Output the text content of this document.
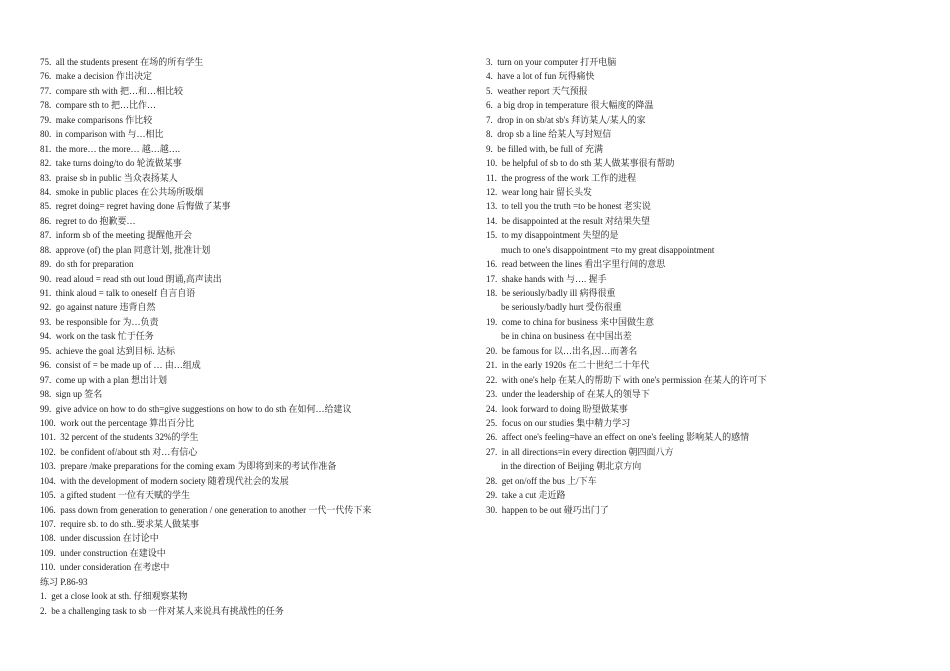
75. all the students present 在场的所有学生
76. make a decision 作出决定
77. compare sth with 把…和…相比较
78. compare sth to 把…比作…
79. make comparisons 作比较
80. in comparison with 与…相比
81. the more… the more… 越…越….
82. take turns doing/to do 轮流做某事
83. praise sb in public 当众表扬某人
84. smoke in public places 在公共场所吸烟
85. regret doing= regret having done 后悔做了某事
86. regret to do 抱歉要…
87. inform sb of the meeting 提醒他开会
88. approve (of) the plan 同意计划, 批准计划
89. do sth for preparation
90. read aloud = read sth out loud 朗诵,高声读出
91. think aloud = talk to oneself 自言自语
92. go against nature 违背自然
93. be responsible for 为…负责
94. work on the task 忙于任务
95. achieve the goal 达到目标. 达标
96. consist of = be made up of … 由…组成
97. come up with a plan 想出计划
98. sign up 签名
99. give advice on how to do sth=give suggestions on how to do sth 在如何…给建议
100. work out the percentage 算出百分比
101. 32 percent of the students 32%的学生
102. be confident of/about sth 对…有信心
103. prepare /make preparations for the coming exam 为即将到来的考试作准备
104. with the development of modern society 随着现代社会的发展
105. a gifted student 一位有天赋的学生
106. pass down from generation to generation / one generation to another 一代一代传下来
107. require sb. to do sth..要求某人做某事
108. under discussion 在讨论中
109. under construction 在建设中
110. under consideration 在考虑中
练习 P.86-93
1. get a close look at sth. 仔细观察某物
2. be a challenging task to sb 一件对某人来说具有挑战性的任务
3. turn on your computer 打开电脑
4. have a lot of fun 玩得痛快
5. weather report 天气预报
6. a big drop in temperature 很大幅度的降温
7. drop in on sb/at sb's 拜访某人/某人的家
8. drop sb a line 给某人写封短信
9. be filled with, be full of 充满
10. be helpful of sb to do sth 某人做某事很有帮助
11. the progress of the work 工作的进程
12. wear long hair 留长头发
13. to tell you the truth =to be honest 老实说
14. be disappointed at the result 对结果失望
15. to my disappointment 失望的是
much to one's disappointment =to my great disappointment
16. read between the lines 看出字里行间的意思
17. shake hands with 与…. 握手
18. be seriously/badly ill 病得很重
be seriously/badly hurt 受伤很重
19. come to china for business 来中国做生意
be in china on business 在中国出差
20. be famous for 以…出名,因…而著名
21. in the early 1920s 在二十世纪二十年代
22. with one's help 在某人的帮助下 with one's permission 在某人的许可下
23. under the leadership of 在某人的领导下
24. look forward to doing 盼望做某事
25. focus on our studies 集中精力学习
26. affect one's feeling=have an effect on one's feeling 影响某人的感情
27. in all directions=in every direction 朝四面八方
in the direction of Beijing 朝北京方向
28. get on/off the bus 上/下车
29. take a cut 走近路
30. happen to be out 碰巧出门了
